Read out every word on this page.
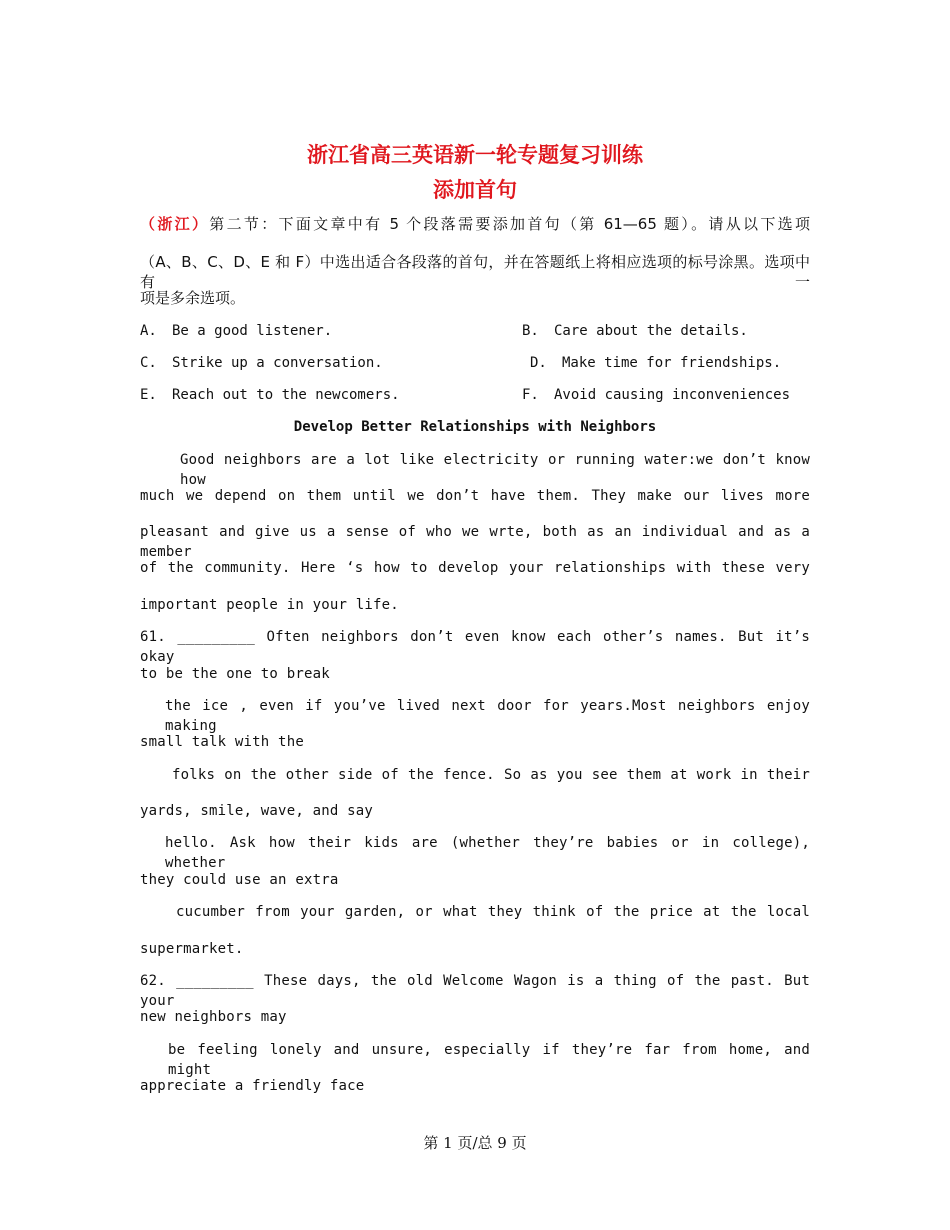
浙江省高三英语新一轮专题复习训练
添加首句
（浙江）第二节：下面文章中有 5 个段落需要添加首句（第 61—65 题）。请从以下选项
（A、B、C、D、E 和 F）中选出适合各段落的首句，并在答题纸上将相应选项的标号涂黑。选项中有一
项是多余选项。
A. Be a good listener.	B. Care about the details.
C. Strike up a conversation.	D. Make time for friendships.
E. Reach out to the newcomers.	F. Avoid causing inconveniences
Develop Better Relationships with Neighbors
Good neighbors are a lot like electricity or running water:we don’t know how
much we depend on them until we don’t have them. They make our lives more
pleasant and give us a sense of who we wrte, both as an individual and as a member
of the community. Here ‘s how to develop your relationships with these very
important people in your life.
61. _________ Often neighbors don’t even know each other’s names. But it’s okay
to be the one to break
the ice , even if you’ve lived next door for years.Most neighbors enjoy making
small talk with the
folks on the other side of the fence. So as you see them at work in their
yards, smile, wave, and say
hello. Ask how their kids are (whether they’re babies or in college), whether
they could use an extra
cucumber from your garden, or what they think of the price at the local
supermarket.
62. _________ These days, the old Welcome Wagon is a thing of the past. But your
new neighbors may
be feeling lonely and unsure, especially if they’re far from home, and might
appreciate a friendly face
第 1 页/总 9 页
